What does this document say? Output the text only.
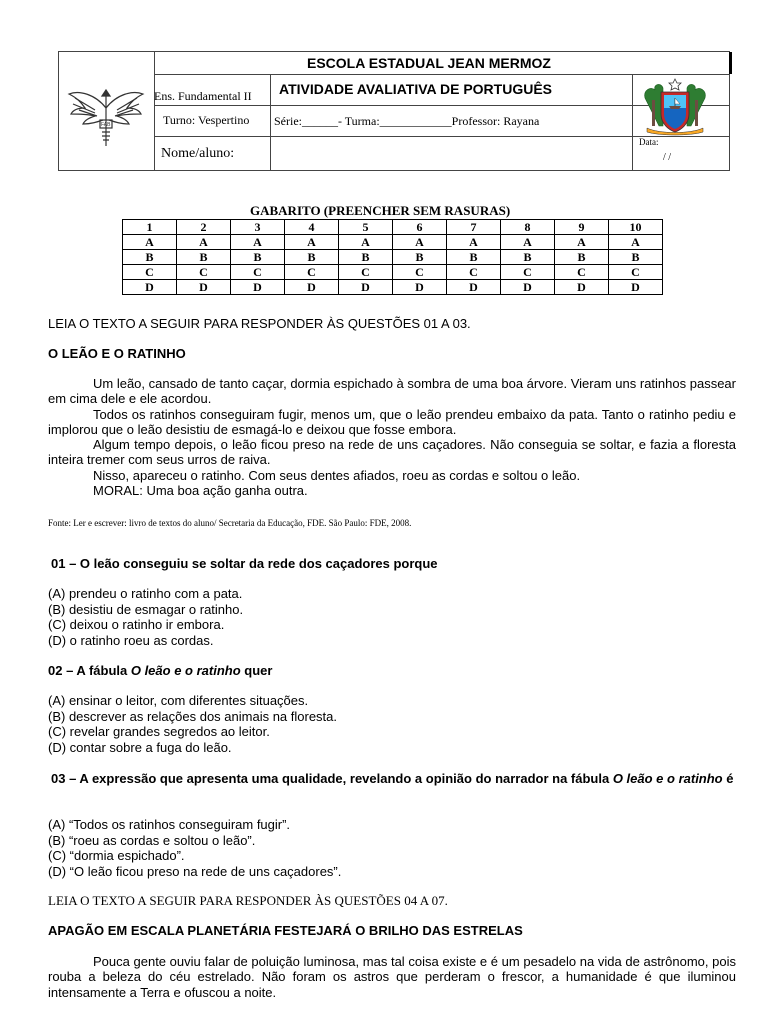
FAB
ESCOLA ESTADUAL JEAN MERMOZ
ATIVIDADE AVALIATIVA DE PORTUGUÊS
Ens. Fundamental II
Turno: Vespertino Série:______- Turma:____________Professor: Rayana
Nome/aluno:
Data:
/ /
GABARITO (PREENCHER SEM RASURAS)
1	2	3	4	5	6	7	8	9	10
A	A	A	A	A	A	A	A	A	A
B	B	B	B	B	B	B	B	B	B
C	C	C	C	C	C	C	C	C	C
D	D	D	D	D	D	D	D	D	D
LEIA O TEXTO A SEGUIR PARA RESPONDER ÀS QUESTÕES 01 A 03.
O LEÃO E O RATINHO

Um leão, cansado de tanto caçar, dormia espichado à sombra de uma boa árvore. Vieram uns ratinhos passear em cima dele e ele acordou.

Todos os ratinhos conseguiram fugir, menos um, que o leão prendeu embaixo da pata. Tanto o ratinho pediu e implorou que o leão desistiu de esmagá-lo e deixou que fosse embora.

Algum tempo depois, o leão ficou preso na rede de uns caçadores. Não conseguia se soltar, e fazia a floresta inteira tremer com seus urros de raiva.

Nisso, apareceu o ratinho. Com seus dentes afiados, roeu as cordas e soltou o leão.

MORAL: Uma boa ação ganha outra.

Fonte: Ler e escrever: livro de textos do aluno/ Secretaria da Educação, FDE. São Paulo: FDE, 2008.
01 – O leão conseguiu se soltar da rede dos caçadores porque
(A) prendeu o ratinho com a pata.
(B) desistiu de esmagar o ratinho.
(C) deixou o ratinho ir embora.
(D) o ratinho roeu as cordas.
02 – A fábula O leão e o ratinho quer
(A) ensinar o leitor, com diferentes situações.
(B) descrever as relações dos animais na floresta.
(C) revelar grandes segredos ao leitor.
(D) contar sobre a fuga do leão.
03 – A expressão que apresenta uma qualidade, revelando a opinião do narrador na fábula O leão e o ratinho é
(A) “Todos os ratinhos conseguiram fugir”.
(B) “roeu as cordas e soltou o leão”.
(C) “dormia espichado”.
(D) “O leão ficou preso na rede de uns caçadores”.
LEIA O TEXTO A SEGUIR PARA RESPONDER ÀS QUESTÕES 04 A 07.
APAGÃO EM ESCALA PLANETÁRIA FESTEJARÁ O BRILHO DAS ESTRELAS

Pouca gente ouviu falar de poluição luminosa, mas tal coisa existe e é um pesadelo na vida de astrônomo, pois rouba a beleza do céu estrelado. Não foram os astros que perderam o frescor, a humanidade é que iluminou intensamente a Terra e ofuscou a noite.
